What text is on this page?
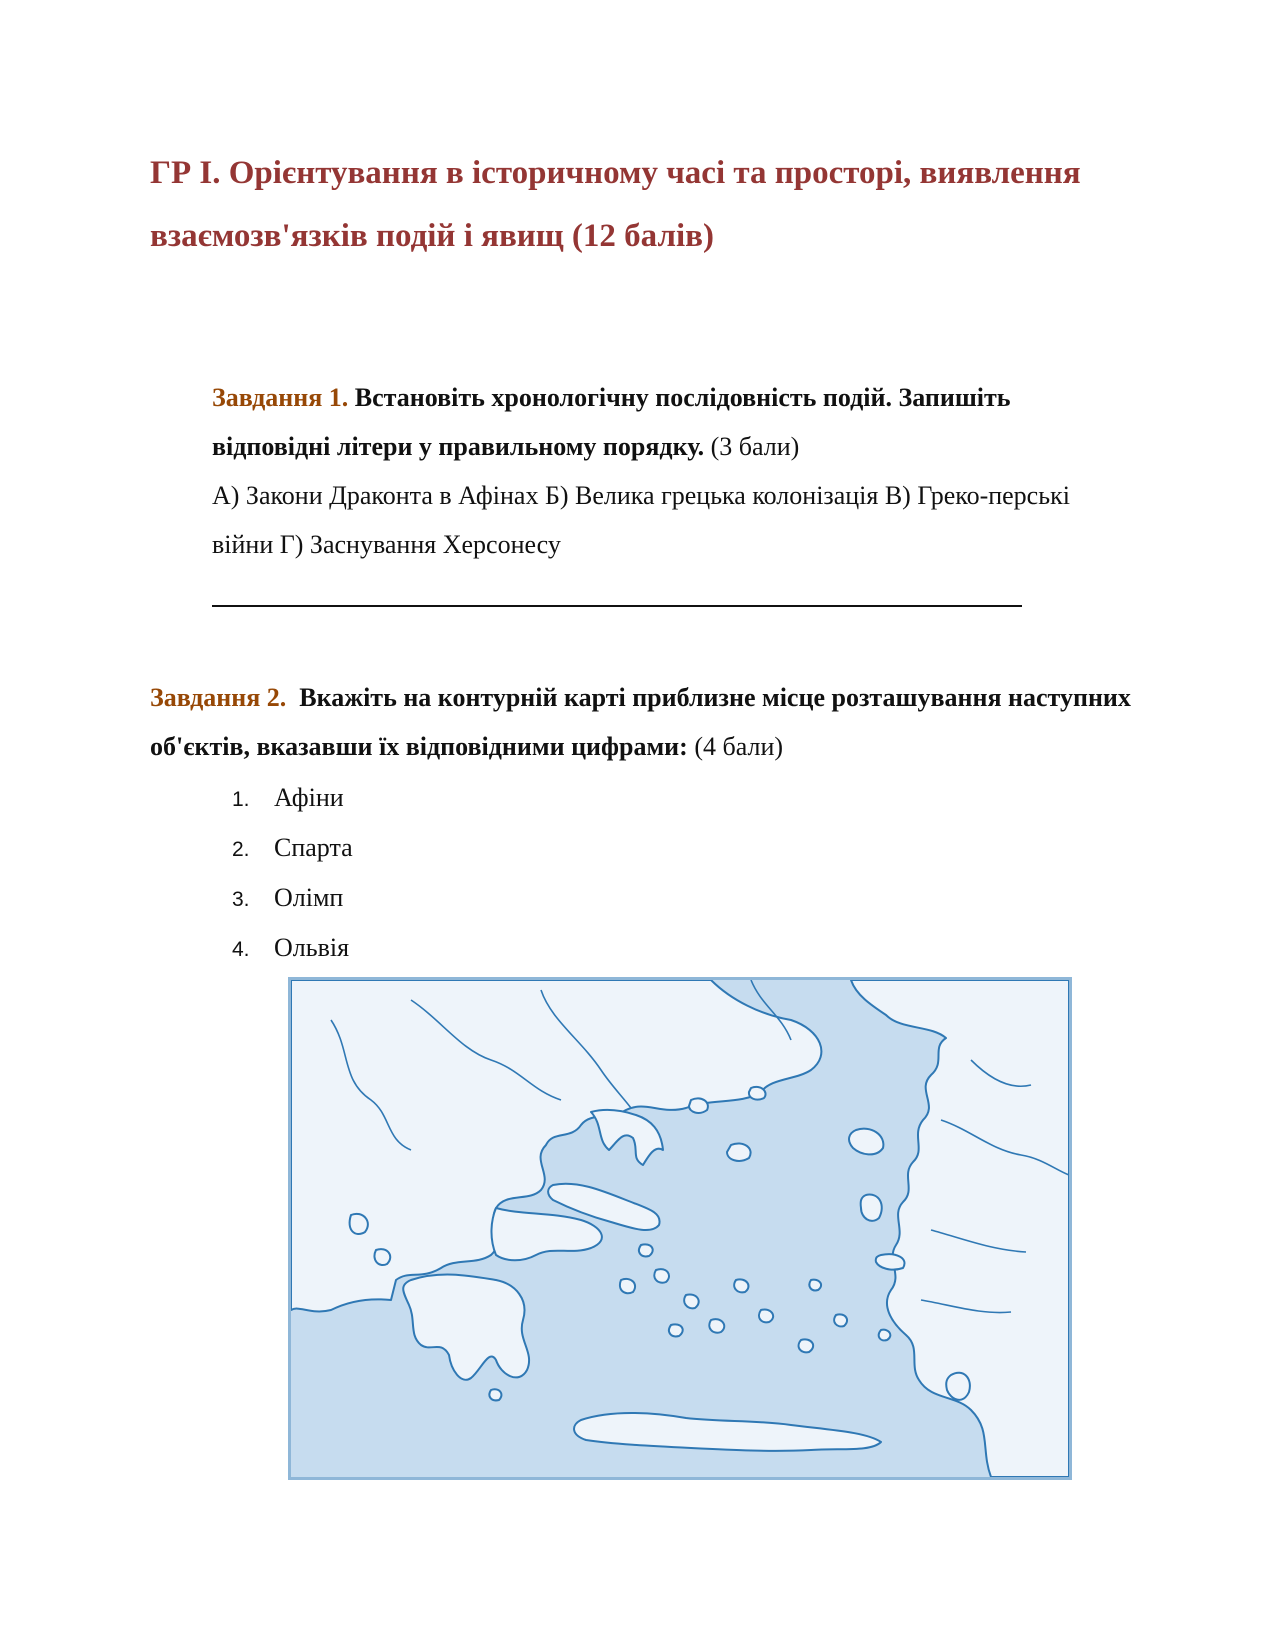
ГР І. Орієнтування в історичному часі та просторі, виявлення взаємозв'язків подій і явищ (12 балів)
Завдання 1. Встановіть хронологічну послідовність подій. Запишіть відповідні літери у правильному порядку. (3 бали)
А) Закони Драконта в Афінах Б) Велика грецька колонізація В) Греко-перські війни Г) Заснування Херсонесу
Завдання 2. Вкажіть на контурній карті приблизне місце розташування наступних об'єктів, вказавши їх відповідними цифрами: (4 бали)
1. Афіни
2. Спарта
3. Олімп
4. Ольвія
